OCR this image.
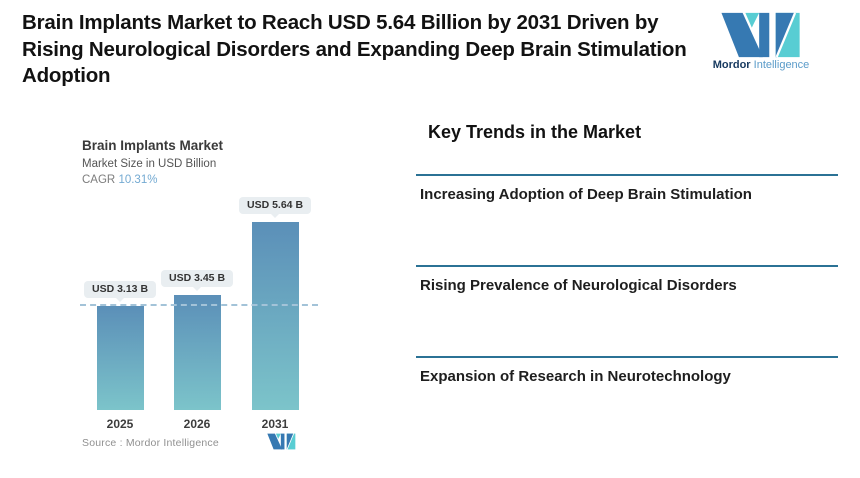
Brain Implants Market to Reach USD 5.64 Billion by 2031 Driven by Rising Neurological Disorders and Expanding Deep Brain Stimulation Adoption	Mordor Intelligence

Brain Implants Market

Market Size in USD Billion

CAGR 10.31%

USD 3.13 B
2025
USD 3.45 B
2026
USD 5.64 B
2031
Source : Mordor Intelligence
Key Trends in the Market
Increasing Adoption of Deep Brain Stimulation
Rising Prevalence of Neurological Disorders
Expansion of Research in Neurotechnology
